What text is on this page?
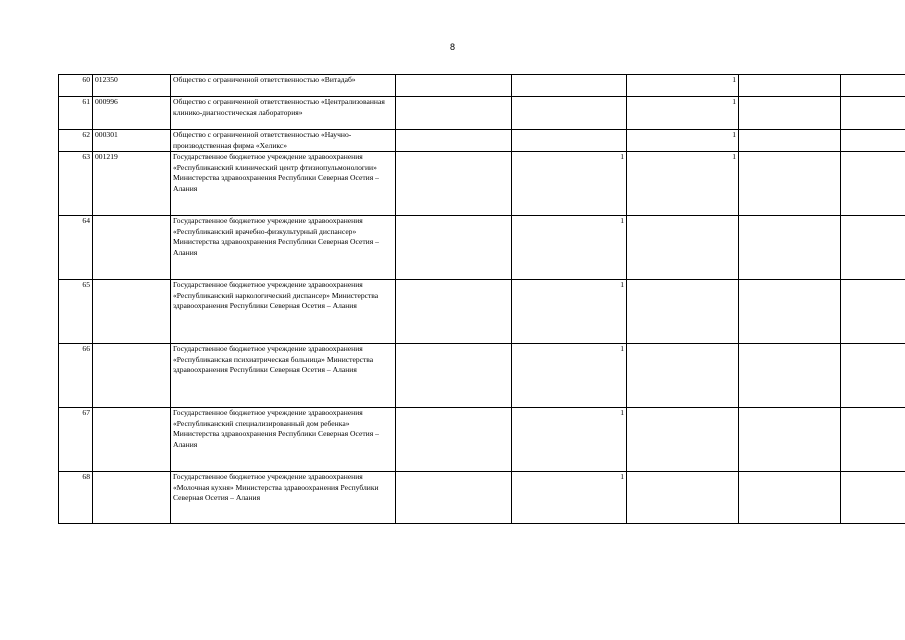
8
60	012350	Общество с ограниченной ответственностью «Витадаб»			1		
61	000996	Общество с ограниченной ответственностью «Централизованная клинико-диагностическая лаборатория»			1		
62	000301	Общество с ограниченной ответственностью «Научно-производственная фирма «Хеликс»			1		
63	001219	Государственное бюджетное учреждение здравоохранения «Республиканский клинический центр фтизиопульмонологии» Министерства здравоохранения Республики Северная Осетия – Алания		1	1		
64		Государственное бюджетное учреждение здравоохранения «Республиканский врачебно-физкультурный диспансер» Министерства здравоохранения Республики Северная Осетия – Алания		1			
65		Государственное бюджетное учреждение здравоохранения «Республиканский наркологический диспансер» Министерства здравоохранения Республики Северная Осетия – Алания		1			
66		Государственное бюджетное учреждение здравоохранения «Республиканская психиатрическая больница» Министерства здравоохранения Республики Северная Осетия – Алания		1			
67		Государственное бюджетное учреждение здравоохранения «Республиканский специализированный дом ребенка» Министерства здравоохранения Республики Северная Осетия – Алания		1			
68		Государственное бюджетное учреждение здравоохранения «Молочная кухня» Министерства здравоохранения Республики Северная Осетия – Алания		1			
